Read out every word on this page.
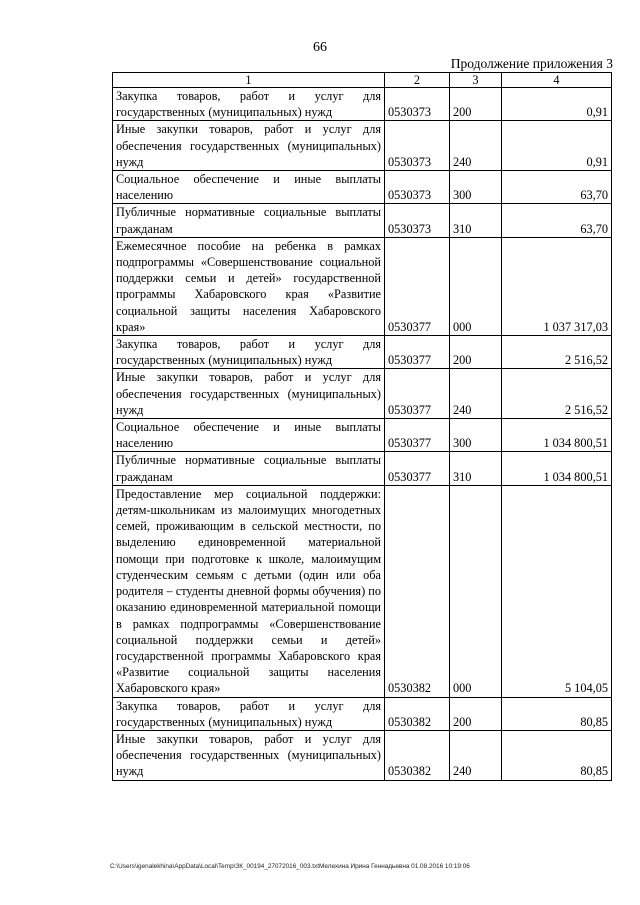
66
Продолжение приложения 3
1	2	3	4
Закупка товаров, работ и услуг для государственных (муниципальных) нужд	0530373	200	0,91
Иные закупки товаров, работ и услуг для обеспечения государственных (муниципальных) нужд	0530373	240	0,91
Социальное обеспечение и иные выплаты населению	0530373	300	63,70
Публичные нормативные социальные выплаты гражданам	0530373	310	63,70
Ежемесячное пособие на ребенка в рамках подпрограммы «Совершенствование социальной поддержки семьи и детей» государственной программы Хабаровского края «Развитие социальной защиты населения Хабаровского края»	0530377	000	1 037 317,03
Закупка товаров, работ и услуг для государственных (муниципальных) нужд	0530377	200	2 516,52
Иные закупки товаров, работ и услуг для обеспечения государственных (муниципальных) нужд	0530377	240	2 516,52
Социальное обеспечение и иные выплаты населению	0530377	300	1 034 800,51
Публичные нормативные социальные выплаты гражданам	0530377	310	1 034 800,51
Предоставление мер социальной поддержки: детям-школьникам из малоимущих многодетных семей, проживающим в сельской местности, по выделению единовременной материальной помощи при подготовке к школе, малоимущим студенческим семьям с детьми (один или оба родителя – студенты дневной формы обучения) по оказанию единовременной материальной помощи в рамках подпрограммы «Совершенствование социальной поддержки семьи и детей» государственной программы Хабаровского края «Развитие социальной защиты населения Хабаровского края»	0530382	000	5 104,05
Закупка товаров, работ и услуг для государственных (муниципальных) нужд	0530382	200	80,85
Иные закупки товаров, работ и услуг для обеспечения государственных (муниципальных) нужд	0530382	240	80,85
C:\Users\igenalekhina\AppData\Local\Temp\ЗК_00194_27072016_003.txtМелехина Ирина Геннадьевна 01.08.2016 10:19:06
